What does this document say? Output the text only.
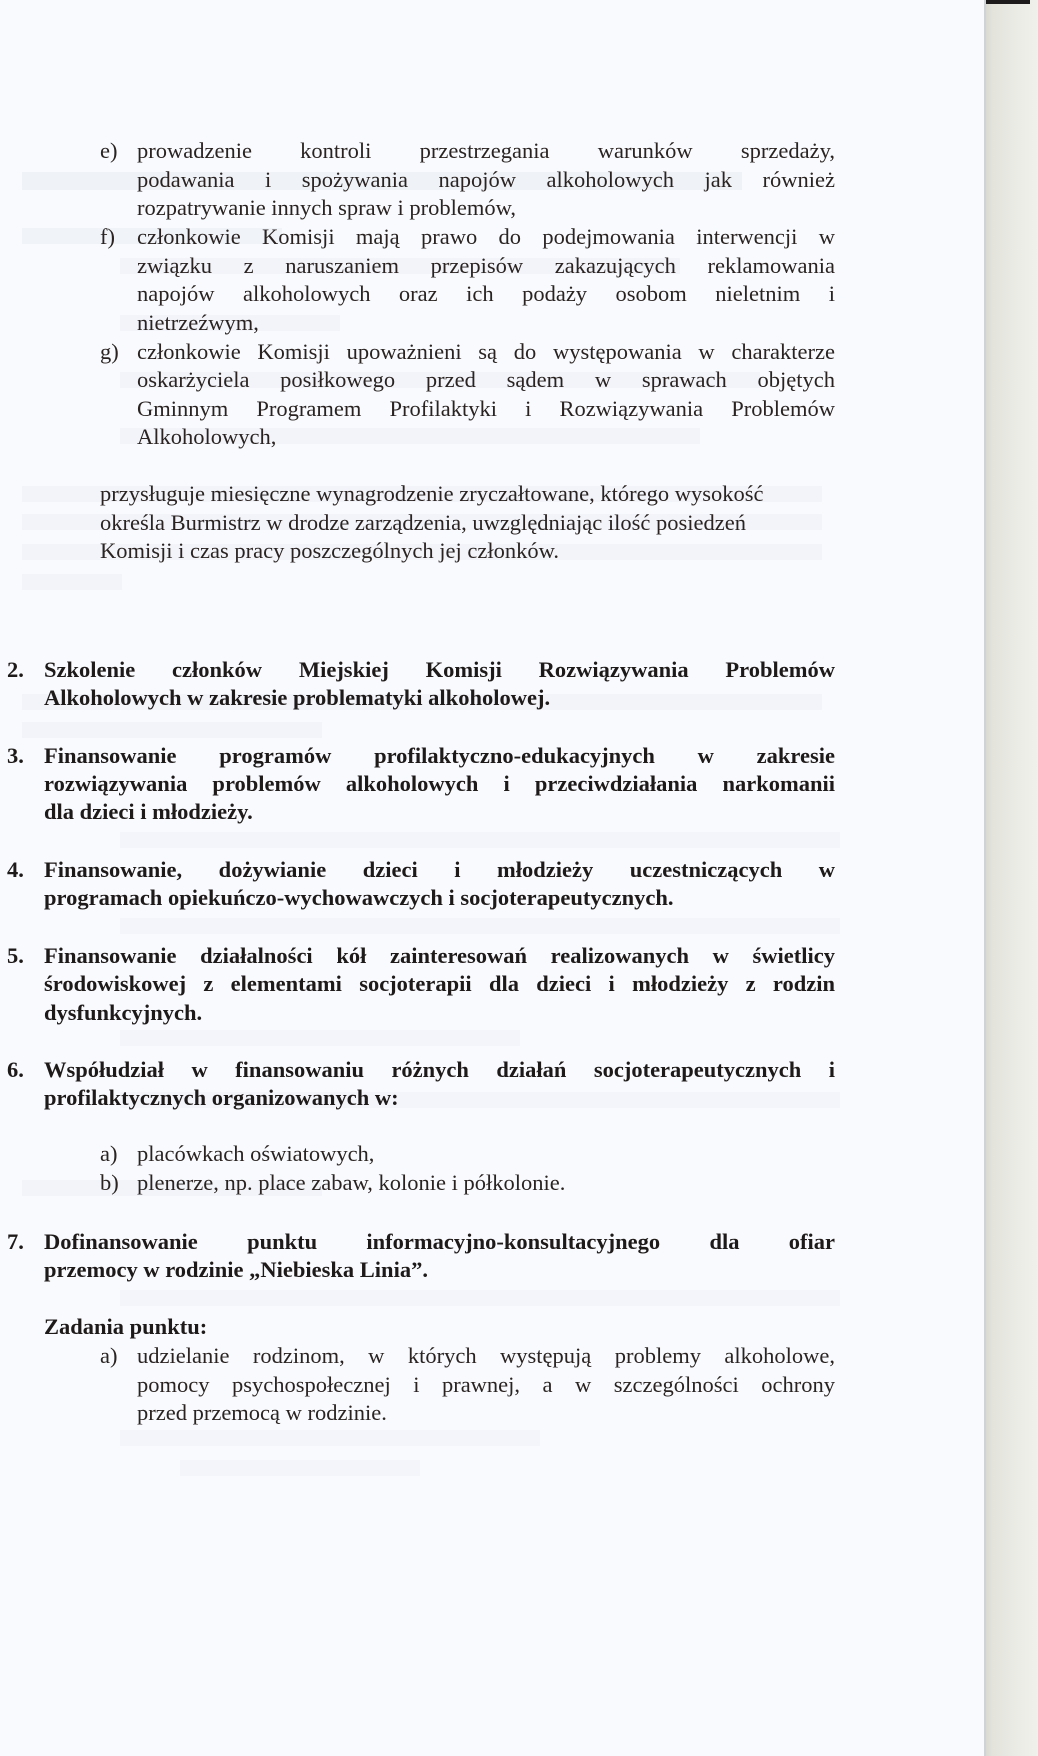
e) prowadzenie kontroli przestrzegania warunków sprzedaży,
podawania i spożywania napojów alkoholowych jak również
rozpatrywanie innych spraw i problemów,
f) członkowie Komisji mają prawo do podejmowania interwencji w
związku z naruszaniem przepisów zakazujących reklamowania
napojów alkoholowych oraz ich podaży osobom nieletnim i
nietrzeźwym,
g) członkowie Komisji upoważnieni są do występowania w charakterze
oskarżyciela posiłkowego przed sądem w sprawach objętych
Gminnym Programem Profilaktyki i Rozwiązywania Problemów
Alkoholowych,
przysługuje miesięczne wynagrodzenie zryczałtowane, którego wysokość
określa Burmistrz w drodze zarządzenia, uwzględniając ilość posiedzeń
Komisji i czas pracy poszczególnych jej członków.
2. Szkolenie członków Miejskiej Komisji Rozwiązywania Problemów
Alkoholowych w zakresie problematyki alkoholowej.
3. Finansowanie programów profilaktyczno-edukacyjnych w zakresie
rozwiązywania problemów alkoholowych i przeciwdziałania narkomanii
dla dzieci i młodzieży.
4. Finansowanie, dożywianie dzieci i młodzieży uczestniczących w
programach opiekuńczo-wychowawczych i socjoterapeutycznych.
5. Finansowanie działalności kół zainteresowań realizowanych w świetlicy
środowiskowej z elementami socjoterapii dla dzieci i młodzieży z rodzin
dysfunkcyjnych.
6. Współudział w finansowaniu różnych działań socjoterapeutycznych i
profilaktycznych organizowanych w:
a) placówkach oświatowych,
b) plenerze, np. place zabaw, kolonie i półkolonie.
7. Dofinansowanie punktu informacyjno-konsultacyjnego dla ofiar
przemocy w rodzinie „Niebieska Linia”.
Zadania punktu:
a) udzielanie rodzinom, w których występują problemy alkoholowe,
pomocy psychospołecznej i prawnej, a w szczególności ochrony
przed przemocą w rodzinie.
